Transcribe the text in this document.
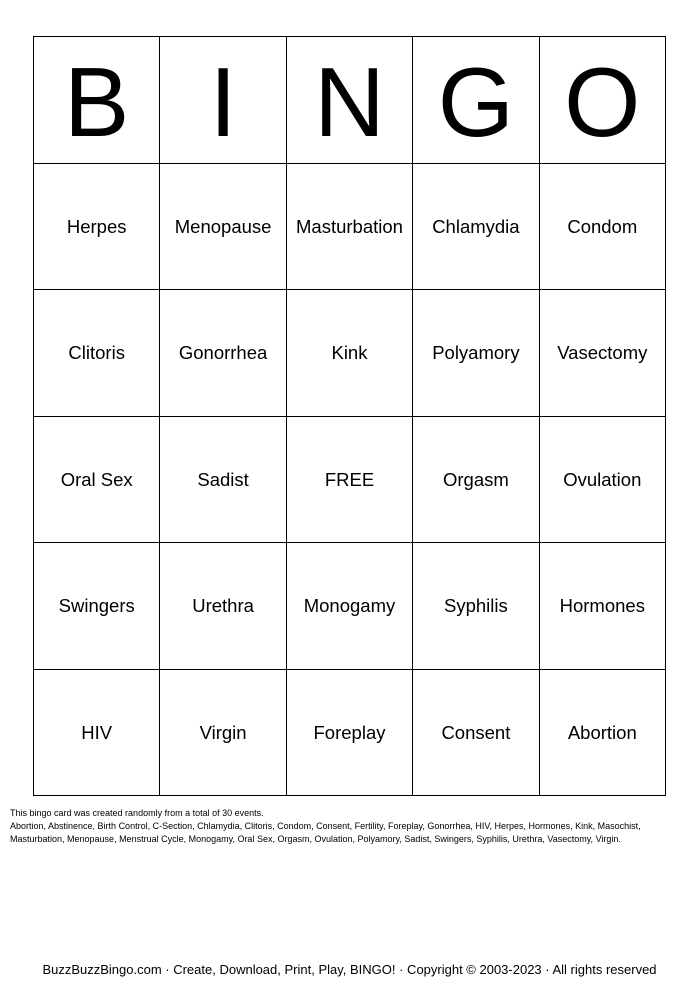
B I N G O
Herpes	Menopause	Masturbation	Chlamydia	Condom
Clitoris	Gonorrhea	Kink	Polyamory	Vasectomy
Oral Sex	Sadist	FREE	Orgasm	Ovulation
Swingers	Urethra	Monogamy	Syphilis	Hormones
HIV	Virgin	Foreplay	Consent	Abortion

This bingo card was created randomly from a total of 30 events.

Abortion, Abstinence, Birth Control, C-Section, Chlamydia, Clitoris, Condom, Consent, Fertility, Foreplay, Gonorrhea, HIV, Herpes, Hormones, Kink, Masochist, Masturbation, Menopause, Menstrual Cycle, Monogamy, Oral Sex, Orgasm, Ovulation, Polyamory, Sadist, Swingers, Syphilis, Urethra, Vasectomy, Virgin.

BuzzBuzzBingo.com · Create, Download, Print, Play, BINGO! · Copyright © 2003-2023 · All rights reserved
